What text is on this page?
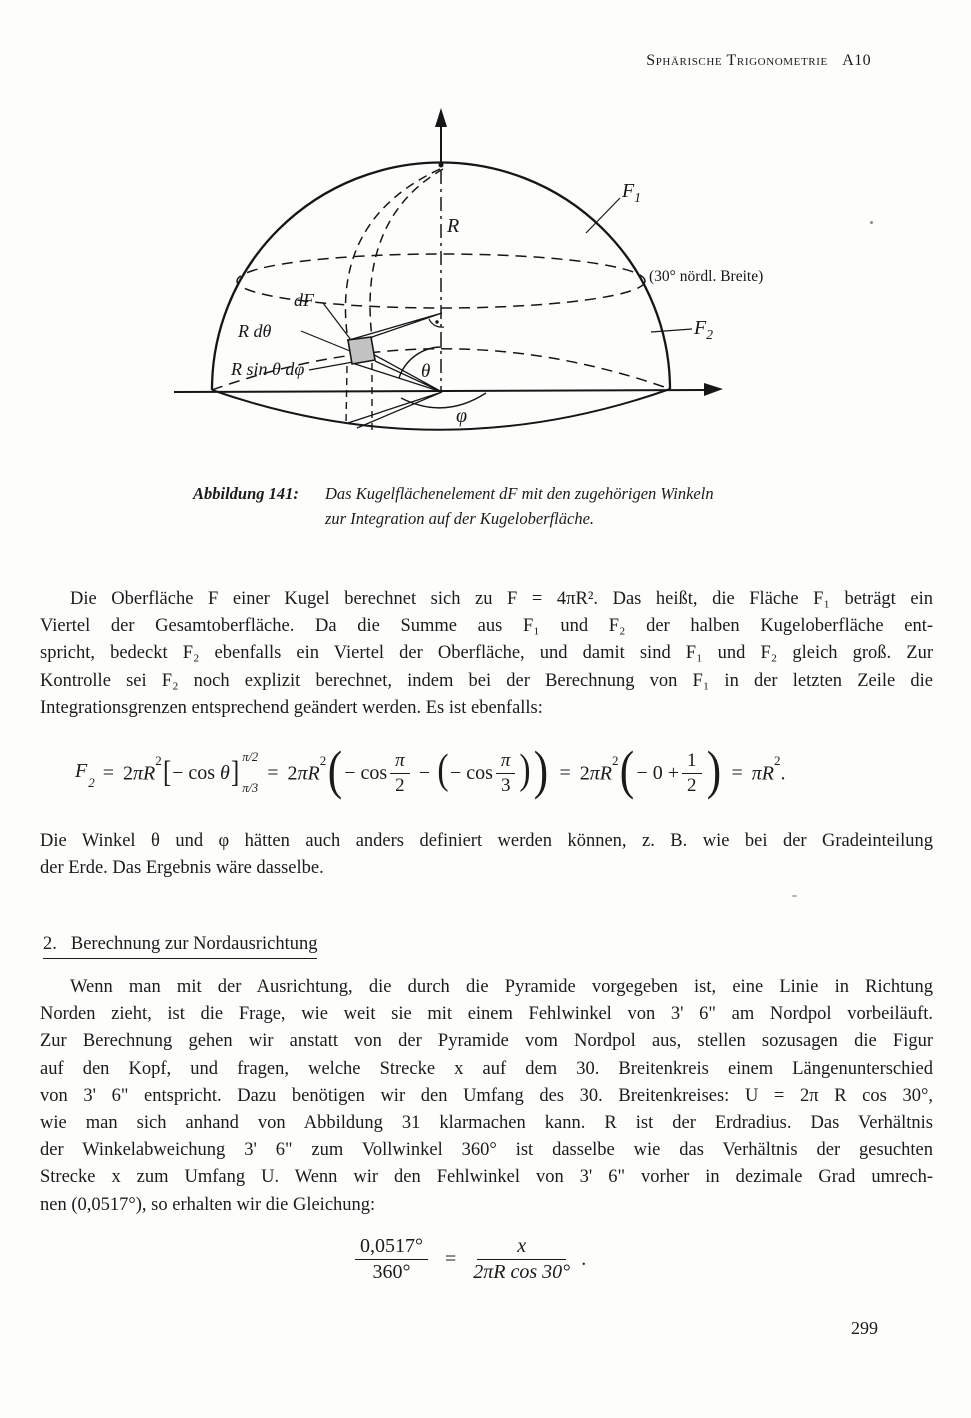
Sphärische Trigonometrie A10
R
θ
φ
dF
R dθ
R sin θ dφ
$F_1$
$F_2$
(30° nördl. Breite)
Abbildung 141:	Das Kugelflächenelement dF mit den zugehörigen Winkeln
zur Integration auf der Kugeloberfläche.
Die Oberfläche F einer Kugel berechnet sich zu F = 4πR². Das heißt, die Fläche F₁ beträgt ein
Viertel der Gesamtoberfläche. Da die Summe aus F₁ und F₂ der halben Kugeloberfläche ent-
spricht, bedeckt F₂ ebenfalls ein Viertel der Oberfläche, und damit sind F₁ und F₂ gleich groß. Zur
Kontrolle sei F₂ noch explizit berechnet, indem bei der Berechnung von F₁ in der letzten Zeile die
Integrationsgrenzen entsprechend geändert werden. Es ist ebenfalls:
$F_2 = 2\pi R^2$ [ − cos
θ ] π/2
π/3
= $2\pi R^2$ ( − $\cos \frac{\pi}{2}$ − ( − $\cos \frac{\pi}{3}$ ) ) = $2\pi R^2$ ( − $0 + \frac{1}{2}$ ) = $\pi R^2$.
Die Winkel θ und φ hätten auch anders definiert werden können, z. B. wie bei der Gradeinteilung
der Erde. Das Ergebnis wäre dasselbe.
2. Berechnung zur Nordausrichtung
Wenn man mit der Ausrichtung, die durch die Pyramide vorgegeben ist, eine Linie in Richtung
Norden zieht, ist die Frage, wie weit sie mit einem Fehlwinkel von 3' 6" am Nordpol vorbeiläuft.
Zur Berechnung gehen wir anstatt von der Pyramide vom Nordpol aus, stellen sozusagen die Figur
auf den Kopf, und fragen, welche Strecke x auf dem 30. Breitenkreis einem Längenunterschied
von 3' 6" entspricht. Dazu benötigen wir den Umfang des 30. Breitenkreises: U = 2π R cos 30°,
wie man sich anhand von Abbildung 31 klarmachen kann. R ist der Erdradius. Das Verhältnis
der Winkelabweichung 3' 6" zum Vollwinkel 360° ist dasselbe wie das Verhältnis der gesuchten
Strecke x zum Umfang U. Wenn wir den Fehlwinkel von 3' 6" vorher in dezimale Grad umrech-
nen (0,0517°), so erhalten wir die Gleichung:
$\frac{0,0517^\circ}{360^\circ} = \frac{x}{\text{2πR cos 30°}}$ .
299
